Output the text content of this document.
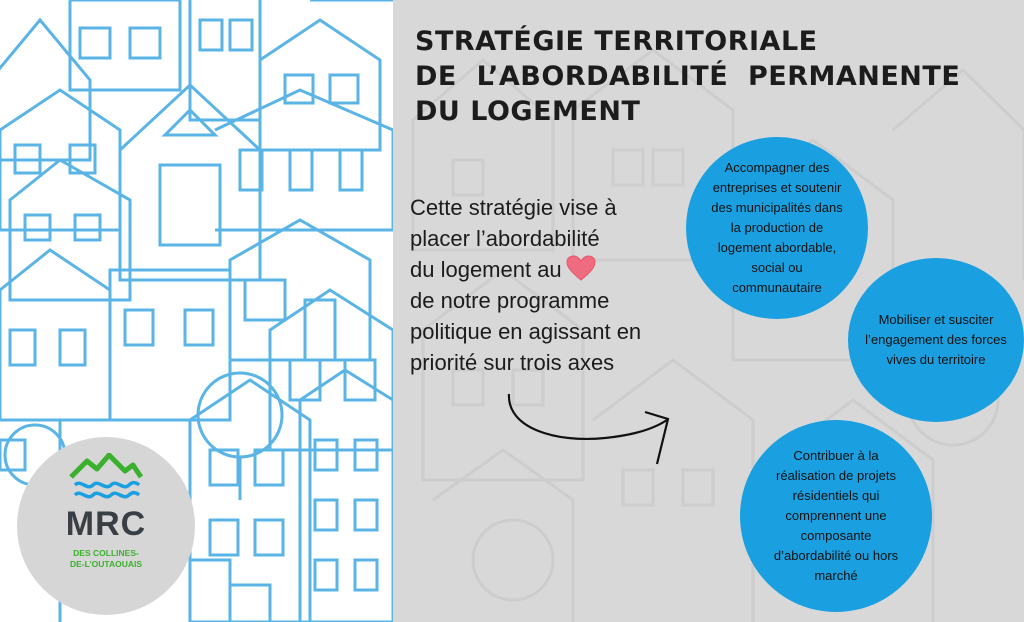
STRATÉGIE TERRITORIALE
DE  L’ABORDABILITÉ  PERMANENTE
DU LOGEMENT
Cette stratégie vise à
placer l’abordabilité
du logement au
de notre programme
politique en agissant en
priorité sur trois axes
Accompagner des entreprises et soutenir des municipalités dans la production de logement abordable, social ou communautaire
Mobiliser et susciter l’engagement des forces vives du territoire
Contribuer à la réalisation de projets résidentiels qui comprennent une composante d’abordabilité ou hors marché
MRC
DES COLLINES-
DE-L’OUTAOUAIS
